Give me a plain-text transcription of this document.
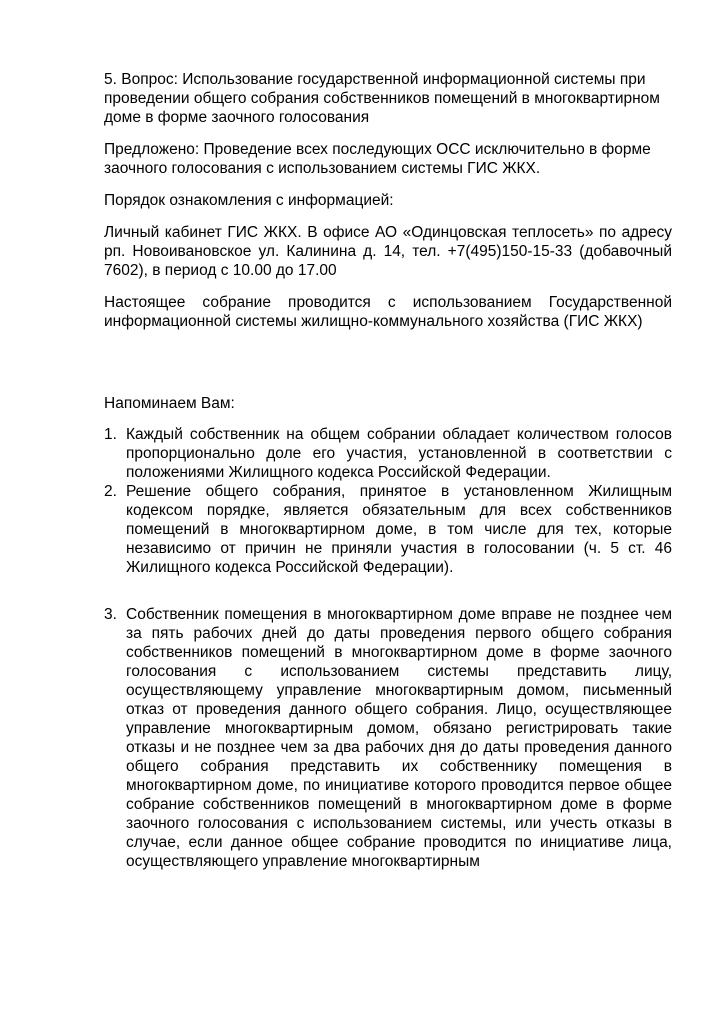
5. Вопрос: Использование государственной информационной системы при проведении общего собрания собственников помещений в многоквартирном доме в форме заочного голосования

Предложено: Проведение всех последующих ОСС исключительно в форме заочного голосования с использованием системы ГИС ЖКХ.

Порядок ознакомления с информацией:

Личный кабинет ГИС ЖКХ. В офисе АО «Одинцовская теплосеть» по адресу рп. Новоивановское ул. Калинина д. 14, тел. +7(495)150-15-33 (добавочный 7602), в период с 10.00 до 17.00

Настоящее собрание проводится с использованием Государственной информационной системы жилищно-коммунального хозяйства (ГИС ЖКХ)

Напоминаем Вам:

1. Каждый собственник на общем собрании обладает количеством голосов пропорционально доле его участия, установленной в соответствии с положениями Жилищного кодекса Российской Федерации.
2. Решение общего собрания, принятое в установленном Жилищным кодексом порядке, является обязательным для всех собственников помещений в многоквартирном доме, в том числе для тех, которые независимо от причин не приняли участия в голосовании (ч. 5 ст. 46 Жилищного кодекса Российской Федерации).
3. Собственник помещения в многоквартирном доме вправе не позднее чем за пять рабочих дней до даты проведения первого общего собрания собственников помещений в многоквартирном доме в форме заочного голосования с использованием системы представить лицу, осуществляющему управление многоквартирным домом, письменный отказ от проведения данного общего собрания. Лицо, осуществляющее управление многоквартирным домом, обязано регистрировать такие отказы и не позднее чем за два рабочих дня до даты проведения данного общего собрания представить их собственнику помещения в многоквартирном доме, по инициативе которого проводится первое общее собрание собственников помещений в многоквартирном доме в форме заочного голосования с использованием системы, или учесть отказы в случае, если данное общее собрание проводится по инициативе лица, осуществляющего управление многоквартирным
